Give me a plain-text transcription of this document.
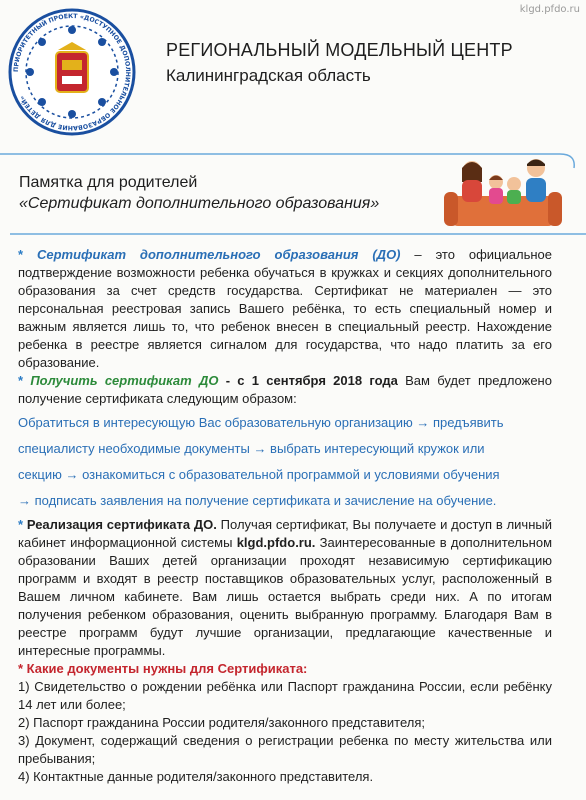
klgd.pfdo.ru
ПРИОРИТЕТНЫЙ ПРОЕКТ «ДОСТУПНОЕ ДОПОЛНИТЕЛЬНОЕ ОБРАЗОВАНИЕ ДЛЯ ДЕТЕЙ»
РЕГИОНАЛЬНЫЙ МОДЕЛЬНЫЙ ЦЕНТР
Калининградская область
Памятка для родителей
«Сертификат дополнительного образования»

* Сертификат дополнительного образования (ДО) – это официальное подтверждение возможности ребенка обучаться в кружках и секциях дополнительного образования за счет средств государства. Сертификат не материален — это персональная реестровая запись Вашего ребёнка, то есть специальный номер и важным является лишь то, что ребенок внесен в специальный реестр. Нахождение ребенка в реестре является сигналом для государства, что надо платить за его образование.

* Получить сертификат ДО - с 1 сентября 2018 года Вам будет предложено получение сертификата следующим образом:

Обратиться в интересующую Вас образовательную организацию → предъявить

специалисту необходимые документы → выбрать интересующий кружок или

секцию → ознакомиться с образовательной программой и условиями обучения

→ подписать заявления на получение сертификата и зачисление на обучение.

* Реализация сертификата ДО. Получая сертификат, Вы получаете и доступ в личный кабинет информационной системы klgd.pfdo.ru. Заинтересованные в дополнительном образовании Ваших детей организации проходят независимую сертификацию программ и входят в реестр поставщиков образовательных услуг, расположенный в Вашем личном кабинете. Вам лишь остается выбрать среди них. А по итогам получения ребенком образования, оценить выбранную программу. Благодаря Вам в реестре программ будут лучшие организации, предлагающие качественные и интересные программы.

* Какие документы нужны для Сертификата:

1) Свидетельство о рождении ребёнка или Паспорт гражданина России, если ребёнку 14 лет или более;

2) Паспорт гражданина России родителя/законного представителя;

3) Документ, содержащий сведения о регистрации ребенка по месту жительства или пребывания;

4) Контактные данные родителя/законного представителя.
